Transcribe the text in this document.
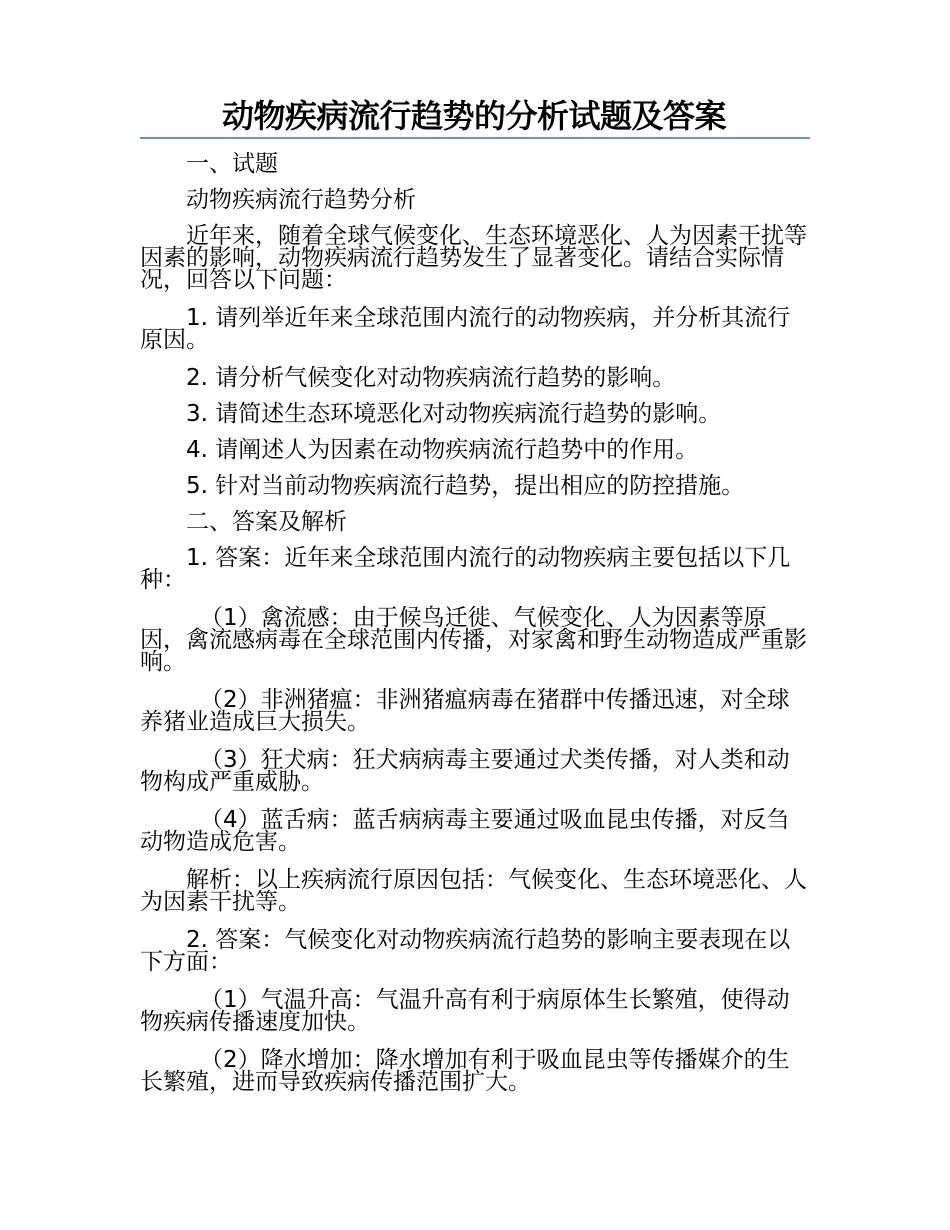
动物疾病流行趋势的分析试题及答案

一、试题

动物疾病流行趋势分析

近年来，随着全球气候变化、生态环境恶化、人为因素干扰等因素的影响，动物疾病流行趋势发生了显著变化。请结合实际情况，回答以下问题：

1. 请列举近年来全球范围内流行的动物疾病，并分析其流行原因。

2. 请分析气候变化对动物疾病流行趋势的影响。

3. 请简述生态环境恶化对动物疾病流行趋势的影响。

4. 请阐述人为因素在动物疾病流行趋势中的作用。

5. 针对当前动物疾病流行趋势，提出相应的防控措施。

二、答案及解析

1. 答案：近年来全球范围内流行的动物疾病主要包括以下几种：

（1）禽流感：由于候鸟迁徙、气候变化、人为因素等原因，禽流感病毒在全球范围内传播，对家禽和野生动物造成严重影响。

（2）非洲猪瘟：非洲猪瘟病毒在猪群中传播迅速，对全球养猪业造成巨大损失。

（3）狂犬病：狂犬病病毒主要通过犬类传播，对人类和动物构成严重威胁。

（4）蓝舌病：蓝舌病病毒主要通过吸血昆虫传播，对反刍动物造成危害。

解析：以上疾病流行原因包括：气候变化、生态环境恶化、人为因素干扰等。

2. 答案：气候变化对动物疾病流行趋势的影响主要表现在以下方面：

（1）气温升高：气温升高有利于病原体生长繁殖，使得动物疾病传播速度加快。

（2）降水增加：降水增加有利于吸血昆虫等传播媒介的生长繁殖，进而导致疾病传播范围扩大。
